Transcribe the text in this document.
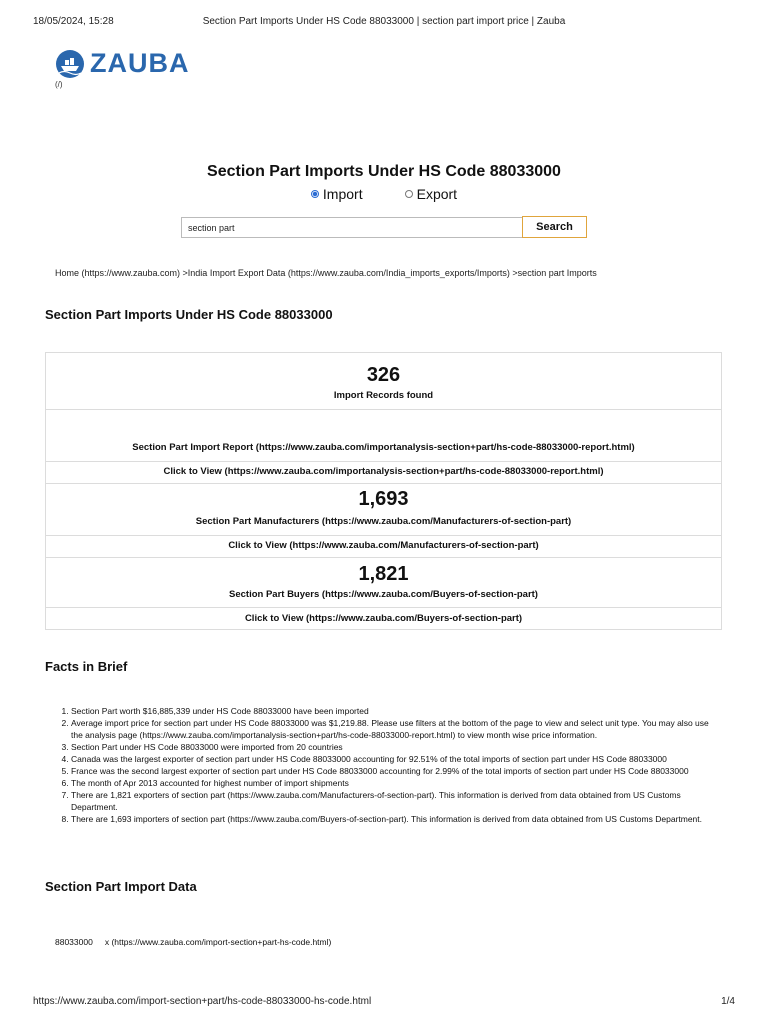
18/05/2024, 15:28	Section Part Imports Under HS Code 88033000 | section part import price | Zauba
ZAUBA
(/)
Section Part Imports Under HS Code 88033000
Import	Export
section part
Search
Home (https://www.zauba.com) >India Import Export Data (https://www.zauba.com/India_imports_exports/Imports) >section part Imports
Section Part Imports Under HS Code 88033000
326
Import Records found
Section Part Import Report (https://www.zauba.com/importanalysis-section+part/hs-code-88033000-report.html)
Click to View (https://www.zauba.com/importanalysis-section+part/hs-code-88033000-report.html)
1,693
Section Part Manufacturers (https://www.zauba.com/Manufacturers-of-section-part)
Click to View (https://www.zauba.com/Manufacturers-of-section-part)
1,821
Section Part Buyers (https://www.zauba.com/Buyers-of-section-part)
Click to View (https://www.zauba.com/Buyers-of-section-part)
Facts in Brief
1. Section Part worth $16,885,339 under HS Code 88033000 have been imported
2. Average import price for section part under HS Code 88033000 was $1,219.88. Please use filters at the bottom of the page to view and select unit type. You may also use the analysis page (https://www.zauba.com/importanalysis-section+part/hs-code-88033000-report.html) to view month wise price information.
3. Section Part under HS Code 88033000 were imported from 20 countries
4. Canada was the largest exporter of section part under HS Code 88033000 accounting for 92.51% of the total imports of section part under HS Code 88033000
5. France was the second largest exporter of section part under HS Code 88033000 accounting for 2.99% of the total imports of section part under HS Code 88033000
6. The month of Apr 2013 accounted for highest number of import shipments
7. There are 1,821 exporters of section part (https://www.zauba.com/Manufacturers-of-section-part). This information is derived from data obtained from US Customs Department.
8. There are 1,693 importers of section part (https://www.zauba.com/Buyers-of-section-part). This information is derived from data obtained from US Customs Department.
Section Part Import Data
88033000 x (https://www.zauba.com/import-section+part-hs-code.html)
https://www.zauba.com/import-section+part/hs-code-88033000-hs-code.html	1/4
